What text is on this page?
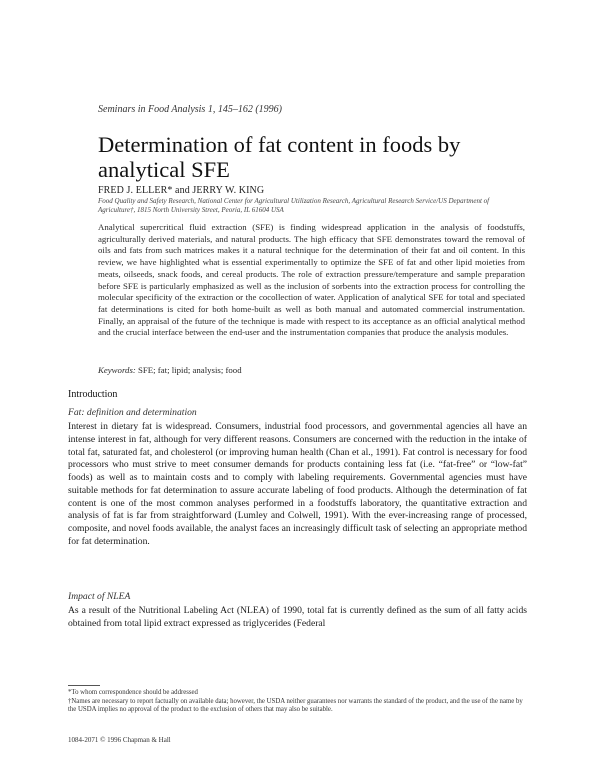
Seminars in Food Analysis 1, 145–162 (1996)
Determination of fat content in foods by analytical SFE
FRED J. ELLER* and JERRY W. KING
Food Quality and Safety Research, National Center for Agricultural Utilization Research, Agricultural Research Service/US Department of Agriculture†, 1815 North University Street, Peoria, IL 61604 USA

Analytical supercritical fluid extraction (SFE) is finding widespread application in the analysis of foodstuffs, agriculturally derived materials, and natural products. The high efficacy that SFE demonstrates toward the removal of oils and fats from such matrices makes it a natural technique for the determination of their fat and oil content. In this review, we have highlighted what is essential experimentally to optimize the SFE of fat and other lipid moieties from meats, oilseeds, snack foods, and cereal products. The role of extraction pressure/temperature and sample preparation before SFE is particularly emphasized as well as the inclusion of sorbents into the extraction process for controlling the molecular specificity of the extraction or the cocollection of water. Application of analytical SFE for total and speciated fat determinations is cited for both home-built as well as both manual and automated commercial instrumentation. Finally, an appraisal of the future of the technique is made with respect to its acceptance as an official analytical method and the crucial interface between the end-user and the instrumentation companies that produce the analysis modules.

Keywords: SFE; fat; lipid; analysis; food
Introduction
Fat: definition and determination

Interest in dietary fat is widespread. Consumers, industrial food processors, and governmental agencies all have an intense interest in fat, although for very different reasons. Consumers are concerned with the reduction in the intake of total fat, saturated fat, and cholesterol (or improving human health (Chan et al., 1991). Fat control is necessary for food processors who must strive to meet consumer demands for products containing less fat (i.e. “fat-free” or “low-fat” foods) as well as to maintain costs and to comply with labeling requirements. Governmental agencies must have suitable methods for fat determination to assure accurate labeling of food products. Although the determination of fat content is one of the most common analyses performed in a foodstuffs laboratory, the quantitative extraction and analysis of fat is far from straightforward (Lumley and Colwell, 1991). With the ever-increasing range of processed, composite, and novel foods available, the analyst faces an increasingly difficult task of selecting an appropriate method for fat determination.

Impact of NLEA

As a result of the Nutritional Labeling Act (NLEA) of 1990, total fat is currently defined as the sum of all fatty acids obtained from total lipid extract expressed as triglycerides (Federal

*To whom correspondence should be addressed
†Names are necessary to report factually on available data; however, the USDA neither guarantees nor warrants the standard of the product, and the use of the name by the USDA implies no approval of the product to the exclusion of others that may also be suitable.
1084-2071 © 1996 Chapman & Hall
